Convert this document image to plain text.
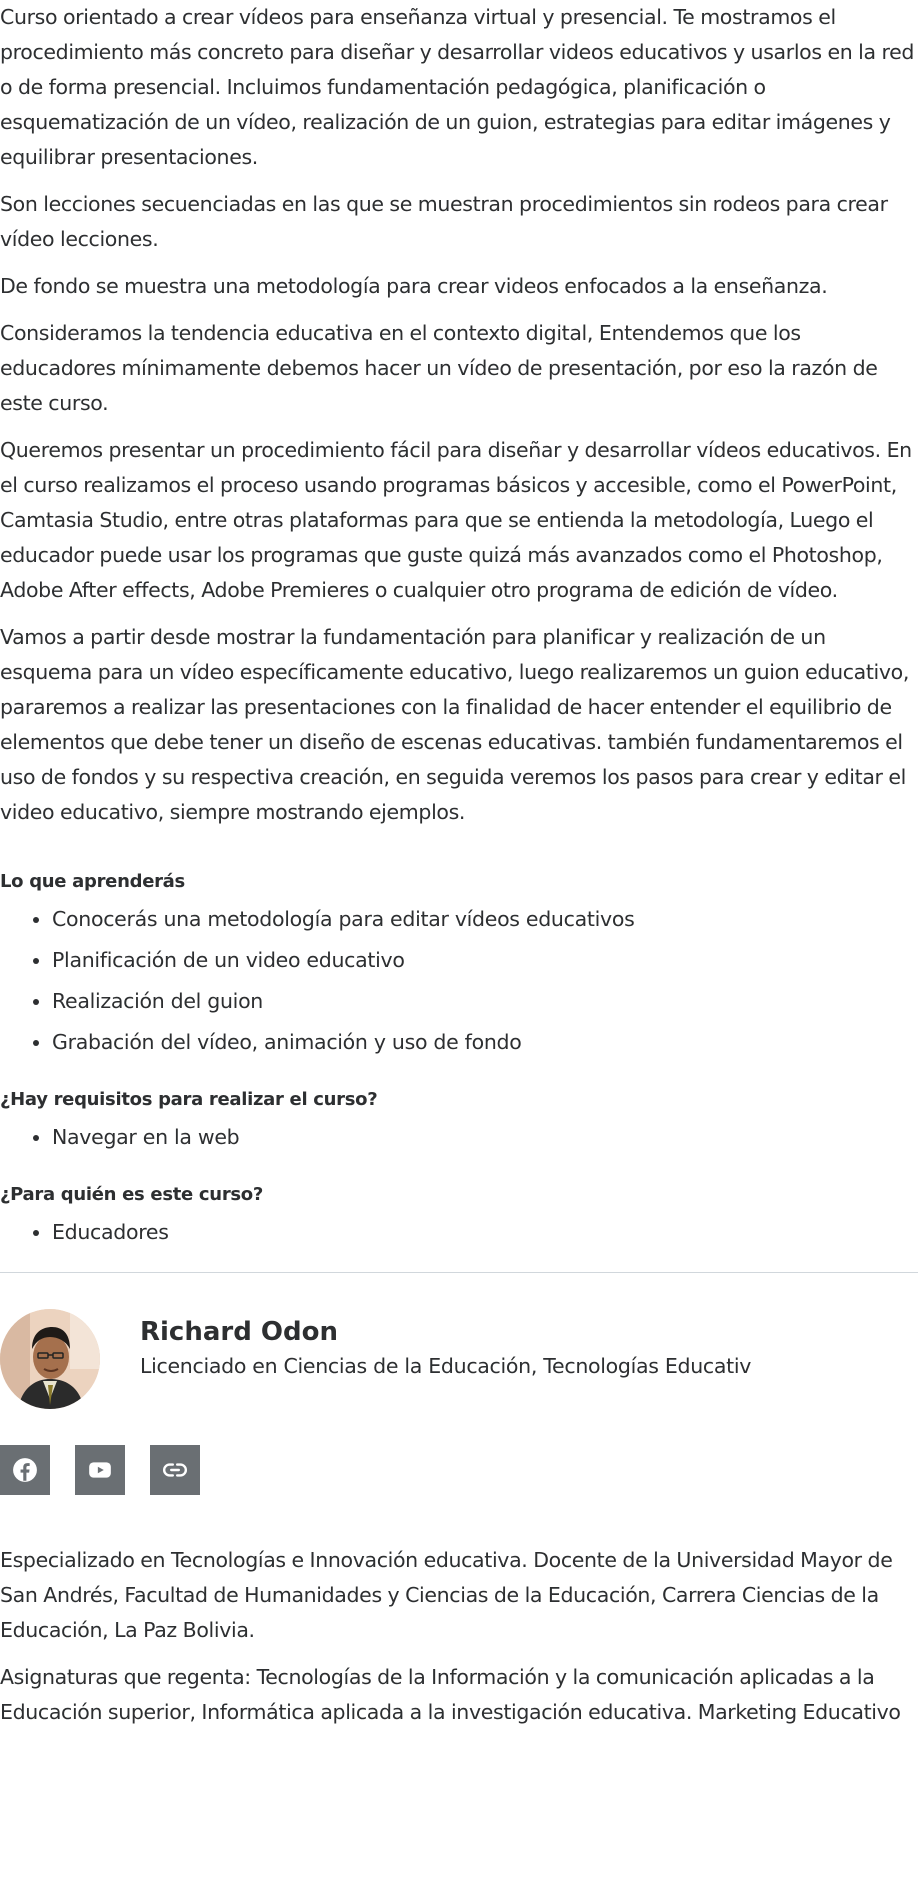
Curso orientado a crear vídeos para enseñanza virtual y presencial. Te mostramos el procedimiento más concreto para diseñar y desarrollar videos educativos y usarlos en la red o de forma presencial. Incluimos fundamentación pedagógica, planificación o esquematización de un vídeo, realización de un guion, estrategias para editar imágenes y equilibrar presentaciones.

Son lecciones secuenciadas en las que se muestran procedimientos sin rodeos para crear vídeo lecciones.

De fondo se muestra una metodología para crear videos enfocados a la enseñanza.

Consideramos la tendencia educativa en el contexto digital, Entendemos que los educadores mínimamente debemos hacer un vídeo de presentación, por eso la razón de este curso.

Queremos presentar un procedimiento fácil para diseñar y desarrollar vídeos educativos. En el curso realizamos el proceso usando programas básicos y accesible, como el PowerPoint, Camtasia Studio, entre otras plataformas para que se entienda la metodología, Luego el educador puede usar los programas que guste quizá más avanzados como el Photoshop, Adobe After effects, Adobe Premieres o cualquier otro programa de edición de vídeo.

Vamos a partir desde mostrar la fundamentación para planificar y realización de un esquema para un vídeo específicamente educativo, luego realizaremos un guion educativo, pararemos a realizar las presentaciones con la finalidad de hacer entender el equilibrio de elementos que debe tener un diseño de escenas educativas. también fundamentaremos el uso de fondos y su respectiva creación, en seguida veremos los pasos para crear y editar el video educativo, siempre mostrando ejemplos.

Lo que aprenderás
• Conocerás una metodología para editar vídeos educativos
• Planificación de un video educativo
• Realización del guion
• Grabación del vídeo, animación y uso de fondo
¿Hay requisitos para realizar el curso?
• Navegar en la web
¿Para quién es este curso?
• Educadores

Richard Odon

Licenciado en Ciencias de la Educación, Tecnologías Educativ

Especializado en Tecnologías e Innovación educativa. Docente de la Universidad Mayor de San Andrés, Facultad de Humanidades y Ciencias de la Educación, Carrera Ciencias de la Educación, La Paz Bolivia.

Asignaturas que regenta: Tecnologías de la Información y la comunicación aplicadas a la Educación superior, Informática aplicada a la investigación educativa. Marketing Educativo
